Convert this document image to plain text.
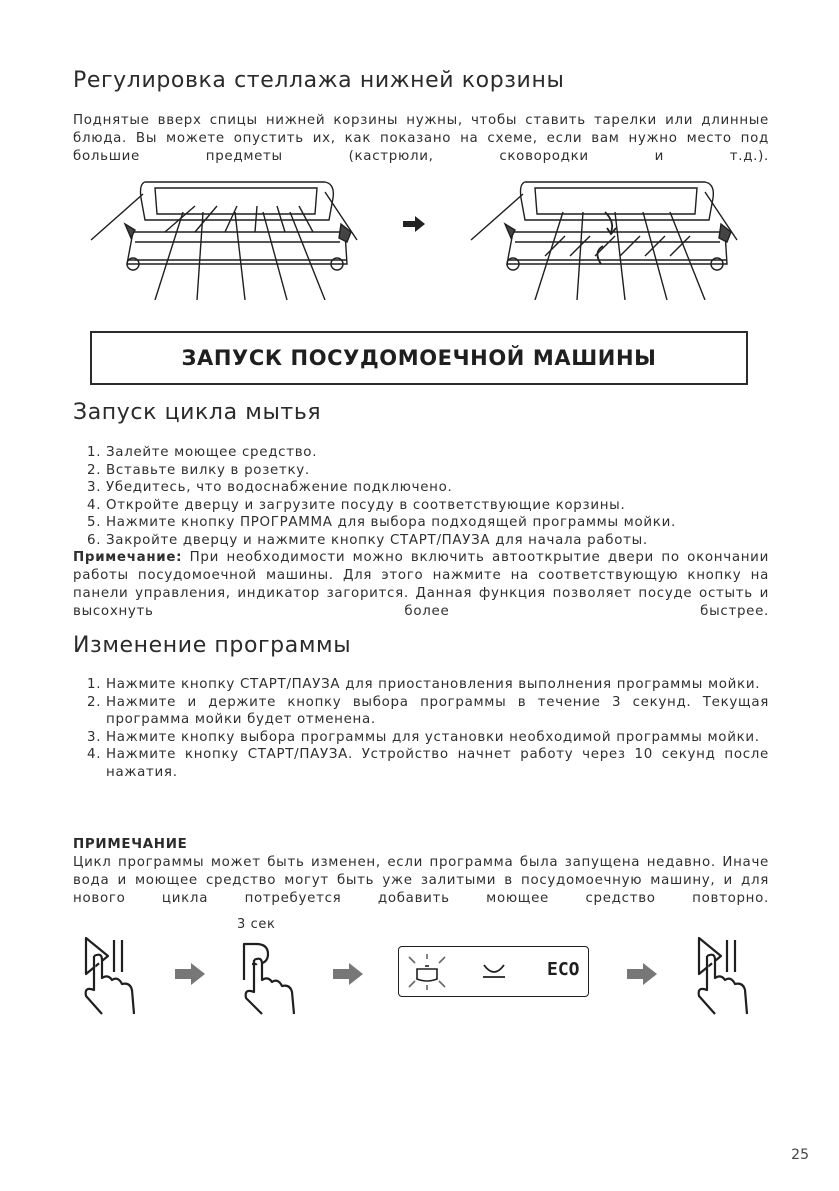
Регулировка стеллажа нижней корзины

Поднятые вверх спицы нижней корзины нужны, чтобы ставить тарелки или длинные блюда. Вы можете опустить их, как показано на схеме, если вам нужно место под большие предметы (кастрюли, сковородки и т.д.).

ЗАПУСК ПОСУДОМОЕЧНОЙ МАШИНЫ
Запуск цикла мытья
1. Залейте моющее средство.
2. Вставьте вилку в розетку.
3. Убедитесь, что водоснабжение подключено.
4. Откройте дверцу и загрузите посуду в соответствующие корзины.
5. Нажмите кнопку ПРОГРАММА для выбора подходящей программы мойки.
6. Закройте дверцу и нажмите кнопку СТАРТ/ПАУЗА для начала работы.

Примечание: При необходимости можно включить автооткрытие двери по окончании работы посудомоечной машины. Для этого нажмите на соответствующую кнопку на панели управления, индикатор загорится. Данная функция позволяет посуде остыть и высохнуть более быстрее.

Изменение программы
1. Нажмите кнопку СТАРТ/ПАУЗА для приостановления выполнения программы мойки.
2. Нажмите и держите кнопку выбора программы в течение 3 секунд. Текущая программа мойки будет отменена.
3. Нажмите кнопку выбора программы для установки необходимой программы мойки.
4. Нажмите кнопку СТАРТ/ПАУЗА. Устройство начнет работу через 10 секунд после нажатия.
ПРИМЕЧАНИЕ

Цикл программы может быть изменен, если программа была запущена недавно. Иначе вода и моющее средство могут быть уже залитыми в посудомоечную машину, и для нового цикла потребуется добавить моющее средство повторно.

3 сек
ECO
25
